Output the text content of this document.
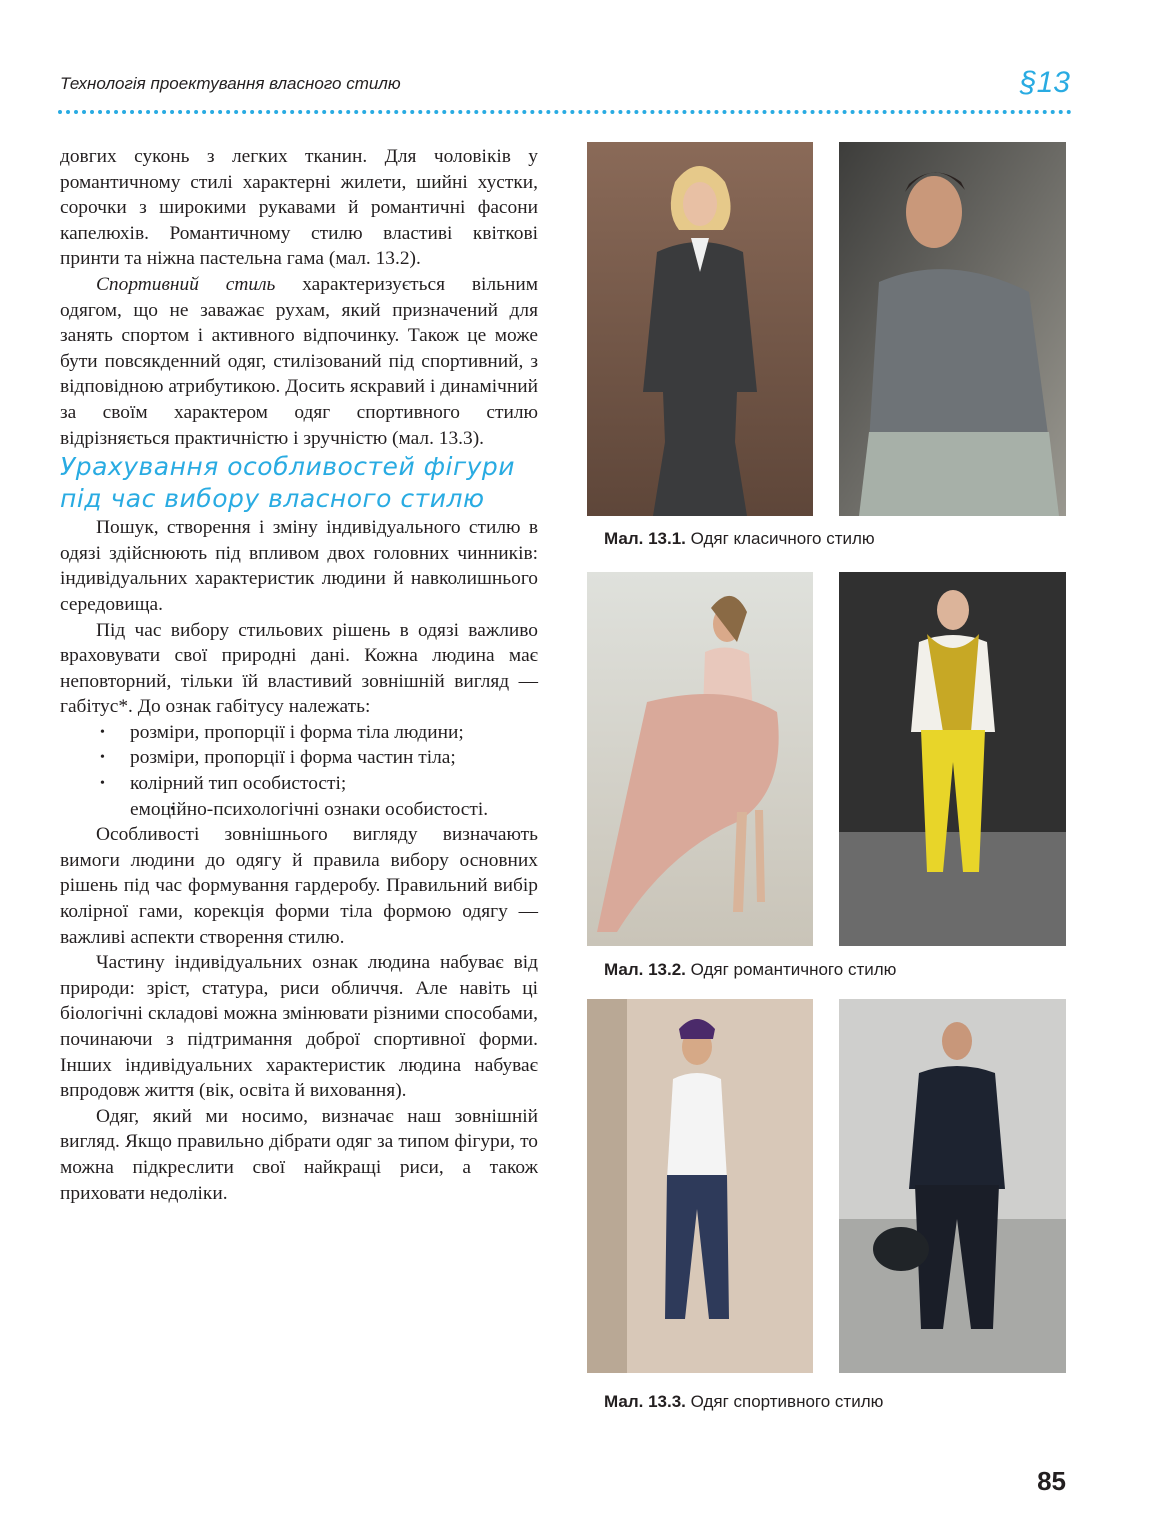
Технологія проектування власного стилю	§13

довгих суконь з легких тканин. Для чоловіків у романтичному стилі характерні жилети, шийні хустки, сорочки з широкими рукавами й романтичні фасони капелюхів. Романтичному стилю властиві квіткові принти та ніжна пастельна гама (мал. 13.2).

Спортивний стиль характеризується вільним одягом, що не заважає рухам, який призначений для занять спортом і активного відпочинку. Також це може бути повсякденний одяг, стилізований під спортивний, з відповідною атрибутикою. Досить яскравий і динамічний за своїм характером одяг спортивного стилю відрізняється практичністю і зручністю (мал. 13.3).

Урахування особливостей фігури під час вибору власного стилю

Пошук, створення і зміну індивідуального стилю в одязі здійснюють під впливом двох головних чинників: індивідуальних характеристик людини й навколишнього середовища.

Під час вибору стильових рішень в одязі важливо враховувати свої природні дані. Кожна людина має неповторний, тільки їй властивий зовнішній вигляд — габітус*. До ознак габітусу належать:

• розміри, пропорції і форма тіла людини;
• розміри, пропорції і форма частин тіла;
• колірний тип особистості;
• емоційно-психологічні ознаки особистості.

Особливості зовнішнього вигляду визначають вимоги людини до одягу й правила вибору основних рішень під час формування гардеробу. Правильний вибір колірної гами, корекція форми тіла формою одягу — важливі аспекти створення стилю.

Частину індивідуальних ознак людина набуває від природи: зріст, статура, риси обличчя. Але навіть ці біологічні складові можна змінювати різними способами, починаючи з підтримання доброї спортивної форми. Інших індивідуальних характеристик людина набуває впродовж життя (вік, освіта й виховання).

Одяг, який ми носимо, визначає наш зовнішній вигляд. Якщо правильно дібрати одяг за типом фігури, то можна підкреслити свої найкращі риси, а також приховати недоліки.

Мал. 13.1. Одяг класичного стилю
Мал. 13.2. Одяг романтичного стилю
Мал. 13.3. Одяг спортивного стилю
85
